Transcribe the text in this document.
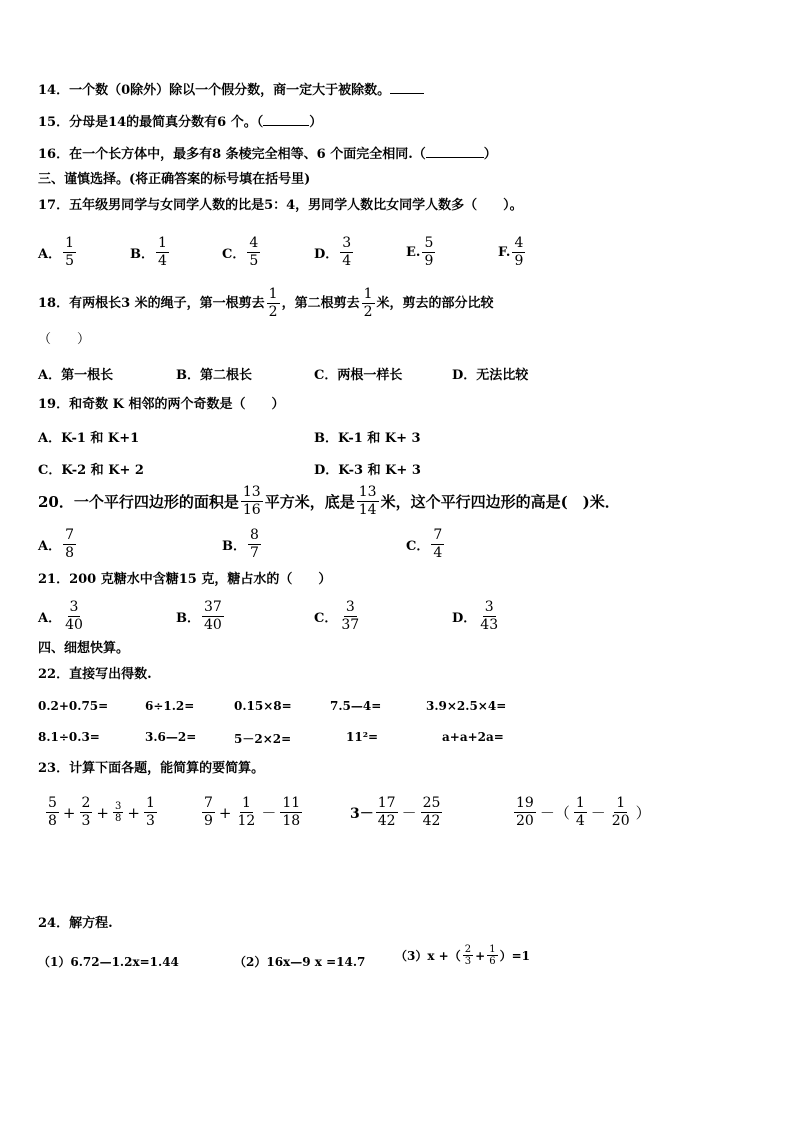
14．一个数（0除外）除以一个假分数，商一定大于被除数。
15．分母是14的最简真分数有6 个。（	）
16．在一个长方体中，最多有8 条棱完全相等、6 个面完全相同.（	）
三、谨慎选择。(将正确答案的标号填在括号里)
17．五年级男同学与女同学人数的比是5：4，男同学人数比女同学人数多（　　）。
A． $\frac{1}{5}$	B． $\frac{1}{4}$	C． $\frac{4}{5}$	D． $\frac{3}{4}$	E. $\frac{5}{9}$	F. $\frac{4}{9}$
18．有两根长3 米的绳子，第一根剪去 $\frac{1}{2}$ ，第二根剪去 $\frac{1}{2}$ 米，剪去的部分比较
（　　）
A．第一根长	B．第二根长	C．两根一样长	D．无法比较
19．和奇数 K 相邻的两个奇数是（　　）
A．K-1 和 K+1	B．K-1 和 K+ 3
C．K-2 和 K+ 2	D．K-3 和 K+ 3
20．一个平行四边形的面积是 $\frac{13}{16}$ 平方米，底是 $\frac{13}{14}$ 米，这个平行四边形的高是(　)米．
A． $\frac{7}{8}$	B． $\frac{8}{7}$	C． $\frac{7}{4}$
21．200 克糖水中含糖15 克，糖占水的（　　）
A． $\frac{3}{40}$	B． $\frac{37}{40}$	C． $\frac{3}{37}$	D． $\frac{3}{43}$
四、细想快算。
22．直接写出得数.
0.2+0.75=	6÷1.2=	0.15×8=	7.5—4=	3.9×2.5×4=
8.1÷0.3=	3.6—2=	5－2×2=	11²=	a+a+2a=
23．计算下面各题，能简算的要简算。
$\frac{5}{8} + \frac{2}{3} + \frac{3}{8} + \frac{1}{3}$	$\frac{7}{9} + \frac{1}{12} - \frac{11}{18}$	$3- \frac{17}{42} - \frac{25}{42}$	$\frac{19}{20}$ －（ $\frac{1}{4} - \frac{1}{20}$ ）
24．解方程.
（1）6.72—1.2x=1.44	（2）16x—9 x =14.7 （3）x +（ $\frac{2}{3} + \frac{1}{6} )=1$
